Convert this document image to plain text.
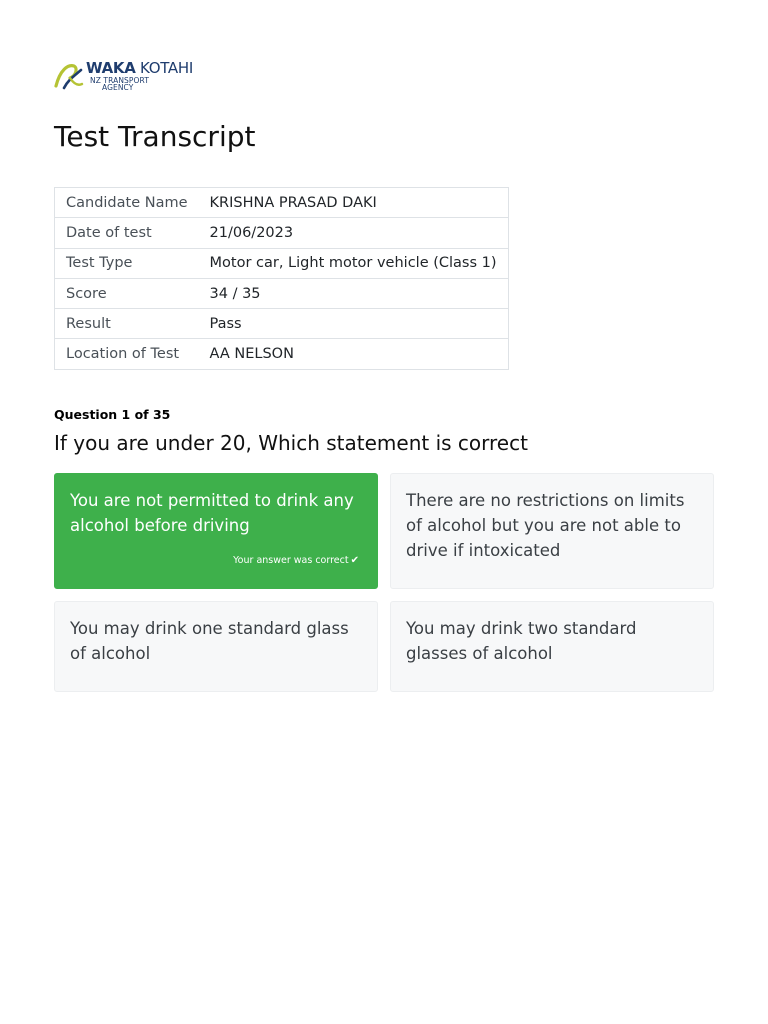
WAKA KOTAHI
NZ TRANSPORT
AGENCY
Test Transcript
Candidate Name	KRISHNA PRASAD DAKI
Date of test	21/06/2023
Test Type	Motor car, Light motor vehicle (Class 1)
Score	34 / 35
Result	Pass
Location of Test	AA NELSON
Question 1 of 35
If you are under 20, Which statement is correct
You are not permitted to drink any alcohol before driving
Your answer was correct ✔
There are no restrictions on limits of alcohol but you are not able to drive if intoxicated
You may drink one standard glass of alcohol
You may drink two standard glasses of alcohol
